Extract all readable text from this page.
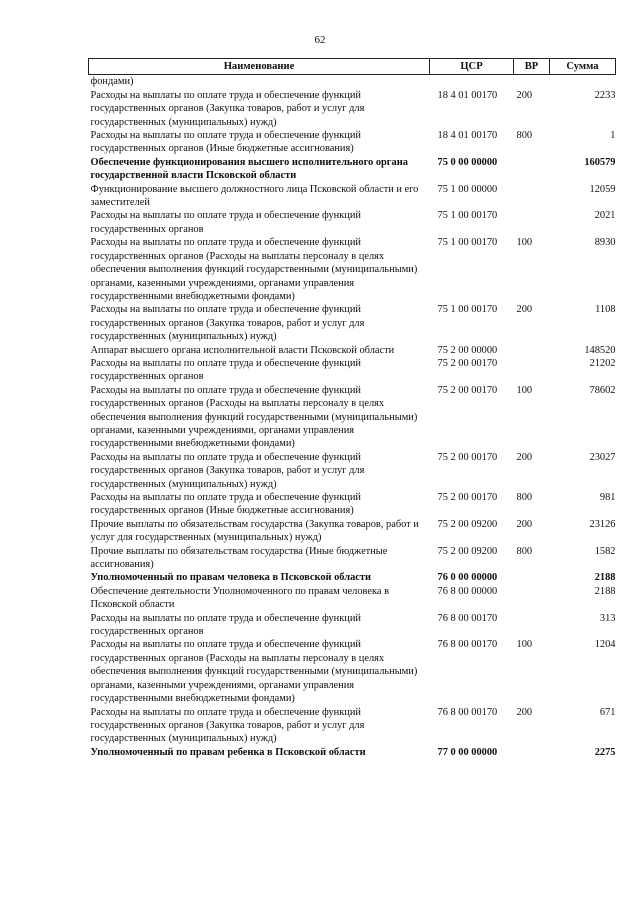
62
Наименование	ЦСР	ВР	Сумма
фондами)			
Расходы на выплаты по оплате труда и обеспечение функций государственных органов (Закупка товаров, работ и услуг для государственных (муниципальных) нужд)	18 4 01 00170	200	2233
Расходы на выплаты по оплате труда и обеспечение функций государственных органов (Иные бюджетные ассигнования)	18 4 01 00170	800	1
Обеспечение функционирования высшего исполнительного органа государственной власти Псковской области	75 0 00 00000		160579
Функционирование высшего должностного лица Псковской области и его заместителей	75 1 00 00000		12059
Расходы на выплаты по оплате труда и обеспечение функций государственных органов	75 1 00 00170		2021
Расходы на выплаты по оплате труда и обеспечение функций государственных органов (Расходы на выплаты персоналу в целях обеспечения выполнения функций государственными (муниципальными) органами, казенными учреждениями, органами управления государственными внебюджетными фондами)	75 1 00 00170	100	8930
Расходы на выплаты по оплате труда и обеспечение функций государственных органов (Закупка товаров, работ и услуг для государственных (муниципальных) нужд)	75 1 00 00170	200	1108
Аппарат высшего органа исполнительной власти Псковской области	75 2 00 00000		148520
Расходы на выплаты по оплате труда и обеспечение функций государственных органов	75 2 00 00170		21202
Расходы на выплаты по оплате труда и обеспечение функций государственных органов (Расходы на выплаты персоналу в целях обеспечения выполнения функций государственными (муниципальными) органами, казенными учреждениями, органами управления государственными внебюджетными фондами)	75 2 00 00170	100	78602
Расходы на выплаты по оплате труда и обеспечение функций государственных органов (Закупка товаров, работ и услуг для государственных (муниципальных) нужд)	75 2 00 00170	200	23027
Расходы на выплаты по оплате труда и обеспечение функций государственных органов (Иные бюджетные ассигнования)	75 2 00 00170	800	981
Прочие выплаты по обязательствам государства (Закупка товаров, работ и услуг для государственных (муниципальных) нужд)	75 2 00 09200	200	23126
Прочие выплаты по обязательствам государства (Иные бюджетные ассигнования)	75 2 00 09200	800	1582
Уполномоченный по правам человека в Псковской области	76 0 00 00000		2188
Обеспечение деятельности Уполномоченного по правам человека в Псковской области	76 8 00 00000		2188
Расходы на выплаты по оплате труда и обеспечение функций государственных органов	76 8 00 00170		313
Расходы на выплаты по оплате труда и обеспечение функций государственных органов (Расходы на выплаты персоналу в целях обеспечения выполнения функций государственными (муниципальными) органами, казенными учреждениями, органами управления государственными внебюджетными фондами)	76 8 00 00170	100	1204
Расходы на выплаты по оплате труда и обеспечение функций государственных органов (Закупка товаров, работ и услуг для государственных (муниципальных) нужд)	76 8 00 00170	200	671
Уполномоченный по правам ребенка в Псковской области	77 0 00 00000		2275
